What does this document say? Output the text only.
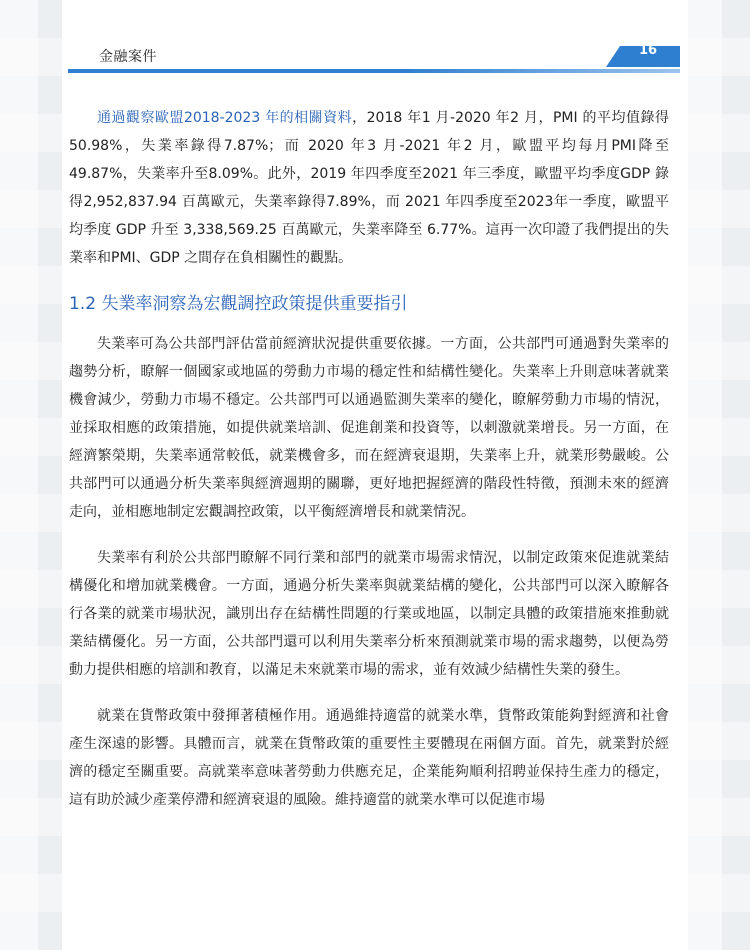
金融案件	16

通過觀察歐盟2018-2023 年的相關資料，2018 年1 月-2020 年2 月，PMI 的平均值錄得50.98%，失業率錄得7.87%；而 2020 年3 月-2021 年2 月，歐盟平均每月PMI降至49.87%，失業率升至8.09%。此外，2019 年四季度至2021 年三季度，歐盟平均季度GDP 錄得2,952,837.94 百萬歐元，失業率錄得7.89%，而 2021 年四季度至2023年一季度，歐盟平均季度 GDP 升至 3,338,569.25 百萬歐元，失業率降至 6.77%。這再一次印證了我們提出的失業率和PMI、GDP 之間存在負相關性的觀點。

1.2 失業率洞察為宏觀調控政策提供重要指引

失業率可為公共部門評估當前經濟狀況提供重要依據。一方面，公共部門可通過對失業率的趨勢分析，瞭解一個國家或地區的勞動力市場的穩定性和結構性變化。失業率上升則意味著就業機會減少，勞動力市場不穩定。公共部門可以通過監測失業率的變化，瞭解勞動力市場的情況，並採取相應的政策措施，如提供就業培訓、促進創業和投資等，以刺激就業增長。另一方面，在經濟繁榮期，失業率通常較低，就業機會多，而在經濟衰退期，失業率上升，就業形勢嚴峻。公共部門可以通過分析失業率與經濟週期的關聯，更好地把握經濟的階段性特徵，預測未來的經濟走向，並相應地制定宏觀調控政策，以平衡經濟增長和就業情況。

失業率有利於公共部門瞭解不同行業和部門的就業市場需求情況，以制定政策來促進就業結構優化和增加就業機會。一方面，通過分析失業率與就業結構的變化，公共部門可以深入瞭解各行各業的就業市場狀況，識別出存在結構性問題的行業或地區，以制定具體的政策措施來推動就業結構優化。另一方面，公共部門還可以利用失業率分析來預測就業市場的需求趨勢，以便為勞動力提供相應的培訓和教育，以滿足未來就業市場的需求，並有效減少結構性失業的發生。

就業在貨幣政策中發揮著積極作用。通過維持適當的就業水準，貨幣政策能夠對經濟和社會產生深遠的影響。具體而言，就業在貨幣政策的重要性主要體現在兩個方面。首先，就業對於經濟的穩定至關重要。高就業率意味著勞動力供應充足，企業能夠順利招聘並保持生產力的穩定，這有助於減少產業停滯和經濟衰退的風險。維持適當的就業水準可以促進市場
